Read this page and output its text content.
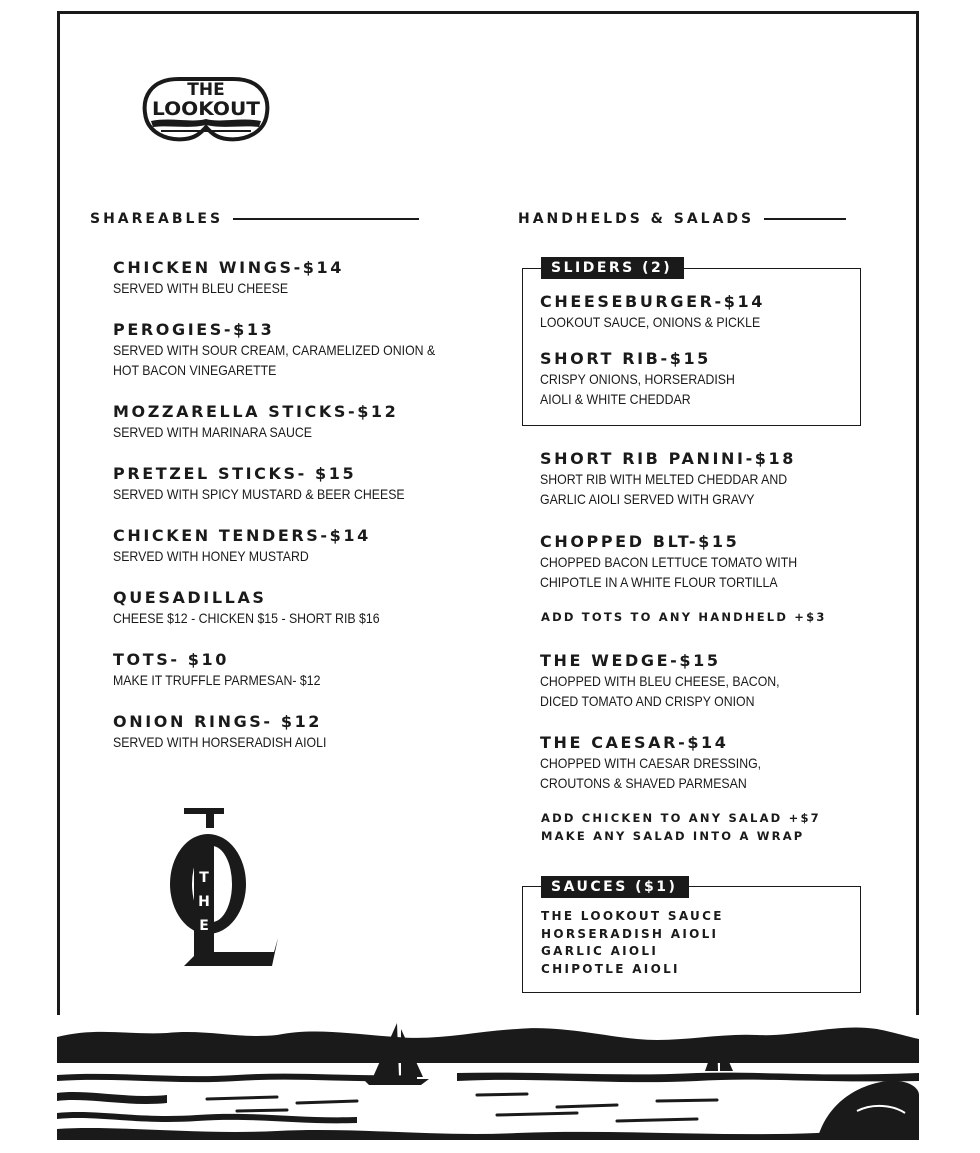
THE
LOOKOUT
SHAREABLES
CHICKEN WINGS-$14
SERVED WITH BLEU CHEESE
PEROGIES-$13
SERVED WITH SOUR CREAM, CARAMELIZED ONION &
HOT BACON VINEGARETTE
MOZZARELLA STICKS-$12
SERVED WITH MARINARA SAUCE
PRETZEL STICKS- $15
SERVED WITH SPICY MUSTARD & BEER CHEESE
CHICKEN TENDERS-$14
SERVED WITH HONEY MUSTARD
QUESADILLAS
CHEESE $12 - CHICKEN $15 - SHORT RIB $16
TOTS- $10
MAKE IT TRUFFLE PARMESAN- $12
ONION RINGS- $12
SERVED WITH HORSERADISH AIOLI
T
H
E
HANDHELDS & SALADS
SLIDERS (2)
CHEESEBURGER-$14
LOOKOUT SAUCE, ONIONS & PICKLE
SHORT RIB-$15
CRISPY ONIONS, HORSERADISH
AIOLI & WHITE CHEDDAR
SHORT RIB PANINI-$18
SHORT RIB WITH MELTED CHEDDAR AND
GARLIC AIOLI SERVED WITH GRAVY
CHOPPED BLT-$15
CHOPPED BACON LETTUCE TOMATO WITH
CHIPOTLE IN A WHITE FLOUR TORTILLA
ADD TOTS TO ANY HANDHELD +$3
THE WEDGE-$15
CHOPPED WITH BLEU CHEESE, BACON,
DICED TOMATO AND CRISPY ONION
THE CAESAR-$14
CHOPPED WITH CAESAR DRESSING,
CROUTONS & SHAVED PARMESAN
ADD CHICKEN TO ANY SALAD +$7
MAKE ANY SALAD INTO A WRAP
SAUCES ($1)
THE LOOKOUT SAUCE
HORSERADISH AIOLI
GARLIC AIOLI
CHIPOTLE AIOLI
